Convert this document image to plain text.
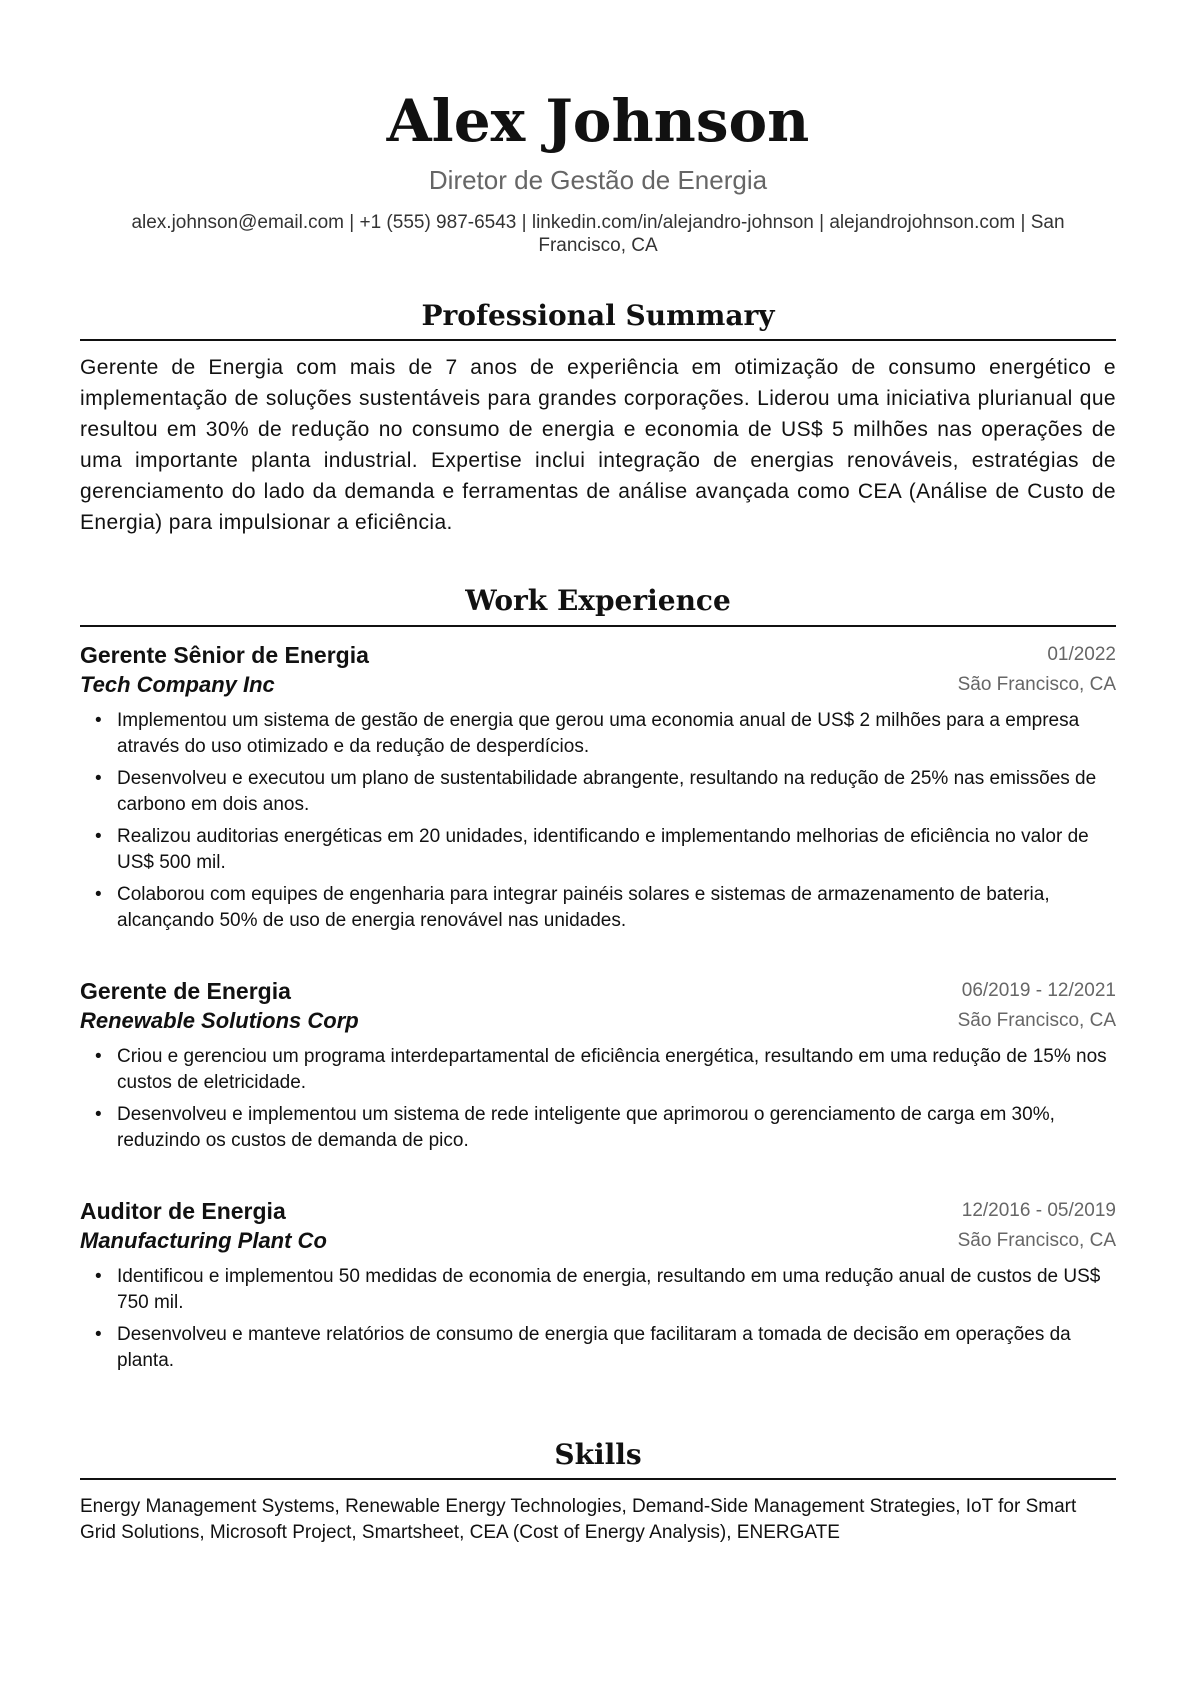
Alex Johnson
Diretor de Gestão de Energia
alex.johnson@email.com | +1 (555) 987-6543 | linkedin.com/in/alejandro-johnson | alejandrojohnson.com | San
Francisco, CA
Professional Summary
Gerente de Energia com mais de 7 anos de experiência em otimização de consumo energético e implementação de soluções sustentáveis para grandes corporações. Liderou uma iniciativa plurianual que resultou em 30% de redução no consumo de energia e economia de US$ 5 milhões nas operações de uma importante planta industrial. Expertise inclui integração de energias renováveis, estratégias de gerenciamento do lado da demanda e ferramentas de análise avançada como CEA (Análise de Custo de Energia) para impulsionar a eficiência.
Work Experience
Gerente Sênior de Energia	01/2022
Tech Company Inc	São Francisco, CA
• Implementou um sistema de gestão de energia que gerou uma economia anual de US$ 2 milhões para a empresa através do uso otimizado e da redução de desperdícios.
• Desenvolveu e executou um plano de sustentabilidade abrangente, resultando na redução de 25% nas emissões de carbono em dois anos.
• Realizou auditorias energéticas em 20 unidades, identificando e implementando melhorias de eficiência no valor de US$ 500 mil.
• Colaborou com equipes de engenharia para integrar painéis solares e sistemas de armazenamento de bateria, alcançando 50% de uso de energia renovável nas unidades.
Gerente de Energia	06/2019 - 12/2021
Renewable Solutions Corp	São Francisco, CA
• Criou e gerenciou um programa interdepartamental de eficiência energética, resultando em uma redução de 15% nos custos de eletricidade.
• Desenvolveu e implementou um sistema de rede inteligente que aprimorou o gerenciamento de carga em 30%, reduzindo os custos de demanda de pico.
Auditor de Energia	12/2016 - 05/2019
Manufacturing Plant Co	São Francisco, CA
• Identificou e implementou 50 medidas de economia de energia, resultando em uma redução anual de custos de US$ 750 mil.
• Desenvolveu e manteve relatórios de consumo de energia que facilitaram a tomada de decisão em operações da planta.
Skills
Energy Management Systems, Renewable Energy Technologies, Demand-Side Management Strategies, IoT for Smart Grid Solutions, Microsoft Project, Smartsheet, CEA (Cost of Energy Analysis), ENERGATE
